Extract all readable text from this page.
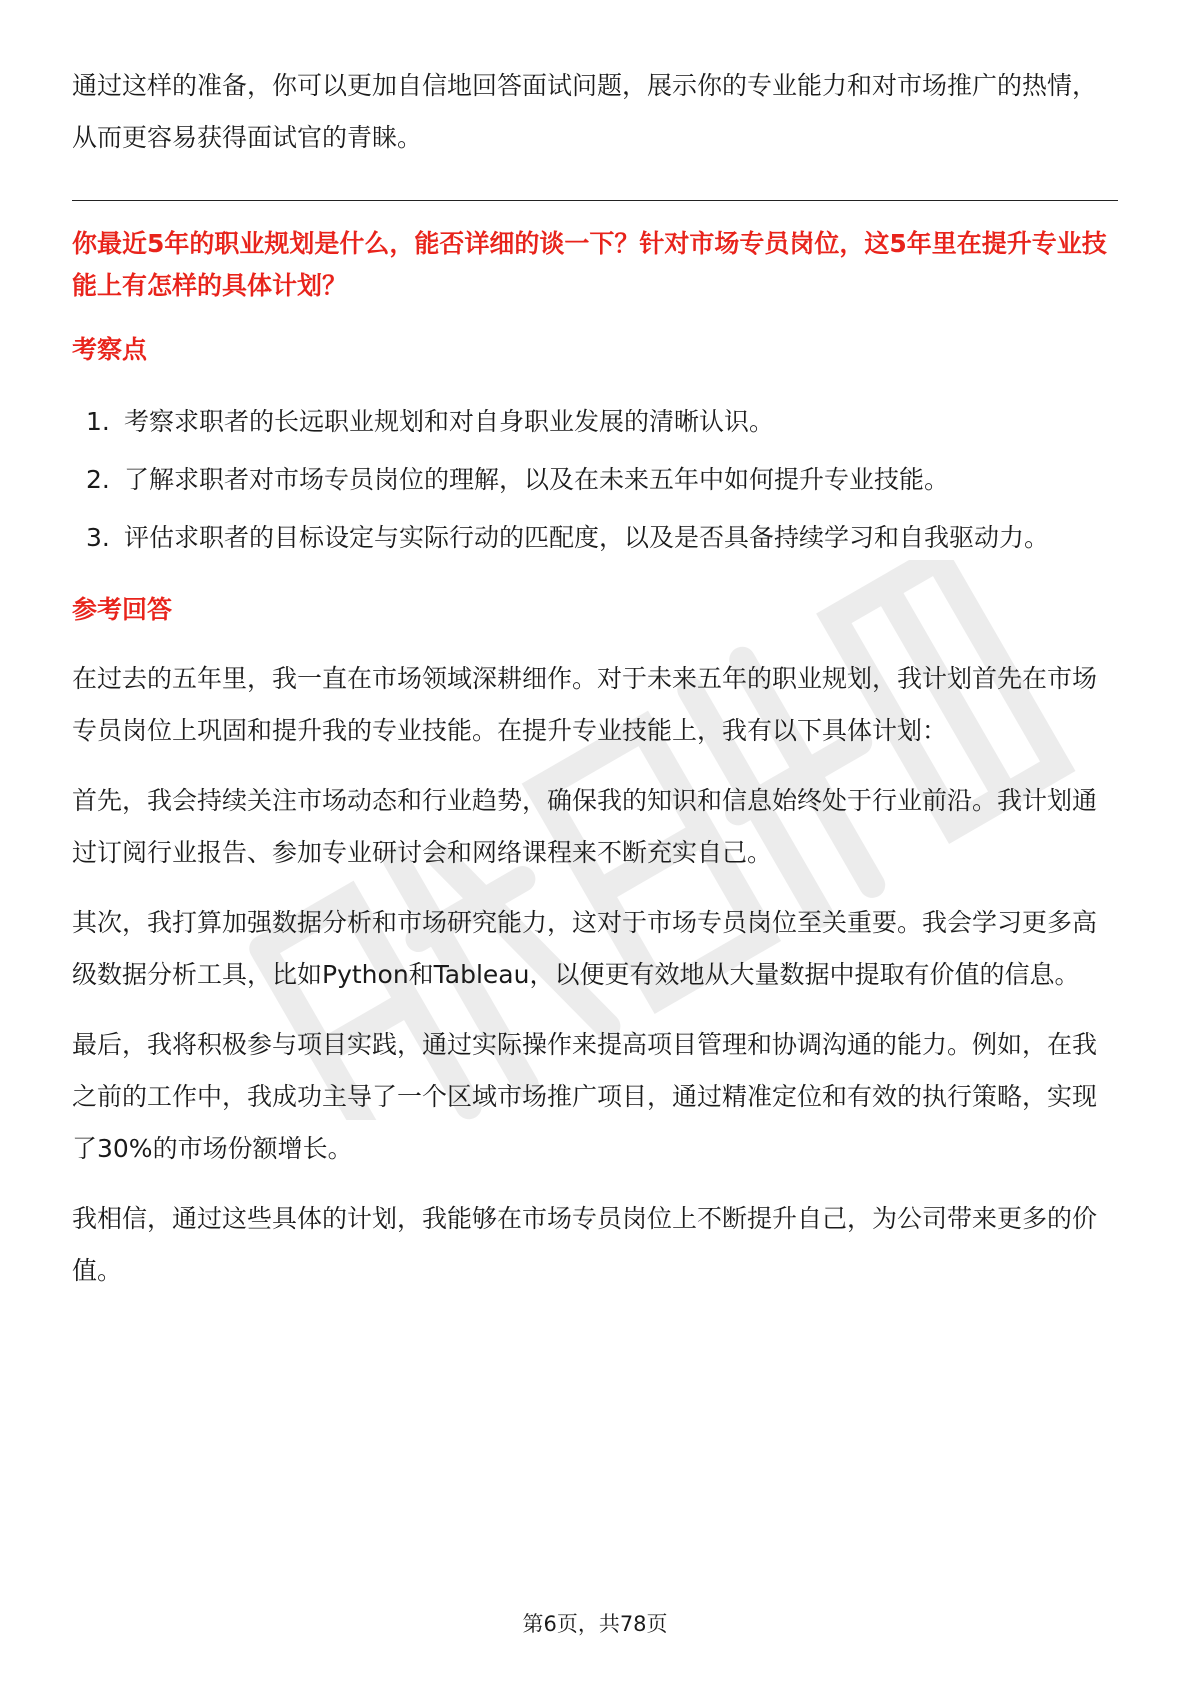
通过这样的准备，你可以更加自信地回答面试问题，展示你的专业能力和对市场推广的热情，从而更容易获得面试官的青睐。

你最近5年的职业规划是什么，能否详细的谈一下？针对市场专员岗位，这5年里在提升专业技能上有怎样的具体计划？

考察点
1. 考察求职者的长远职业规划和对自身职业发展的清晰认识。
2. 了解求职者对市场专员岗位的理解，以及在未来五年中如何提升专业技能。
3. 评估求职者的目标设定与实际行动的匹配度，以及是否具备持续学习和自我驱动力。
参考回答

在过去的五年里，我一直在市场领域深耕细作。对于未来五年的职业规划，我计划首先在市场专员岗位上巩固和提升我的专业技能。在提升专业技能上，我有以下具体计划：

首先，我会持续关注市场动态和行业趋势，确保我的知识和信息始终处于行业前沿。我计划通过订阅行业报告、参加专业研讨会和网络课程来不断充实自己。

其次，我打算加强数据分析和市场研究能力，这对于市场专员岗位至关重要。我会学习更多高级数据分析工具，比如Python和Tableau，以便更有效地从大量数据中提取有价值的信息。

最后，我将积极参与项目实践，通过实际操作来提高项目管理和协调沟通的能力。例如，在我之前的工作中，我成功主导了一个区域市场推广项目，通过精准定位和有效的执行策略，实现了30%的市场份额增长。

我相信，通过这些具体的计划，我能够在市场专员岗位上不断提升自己，为公司带来更多的价值。

第6页，共78页
